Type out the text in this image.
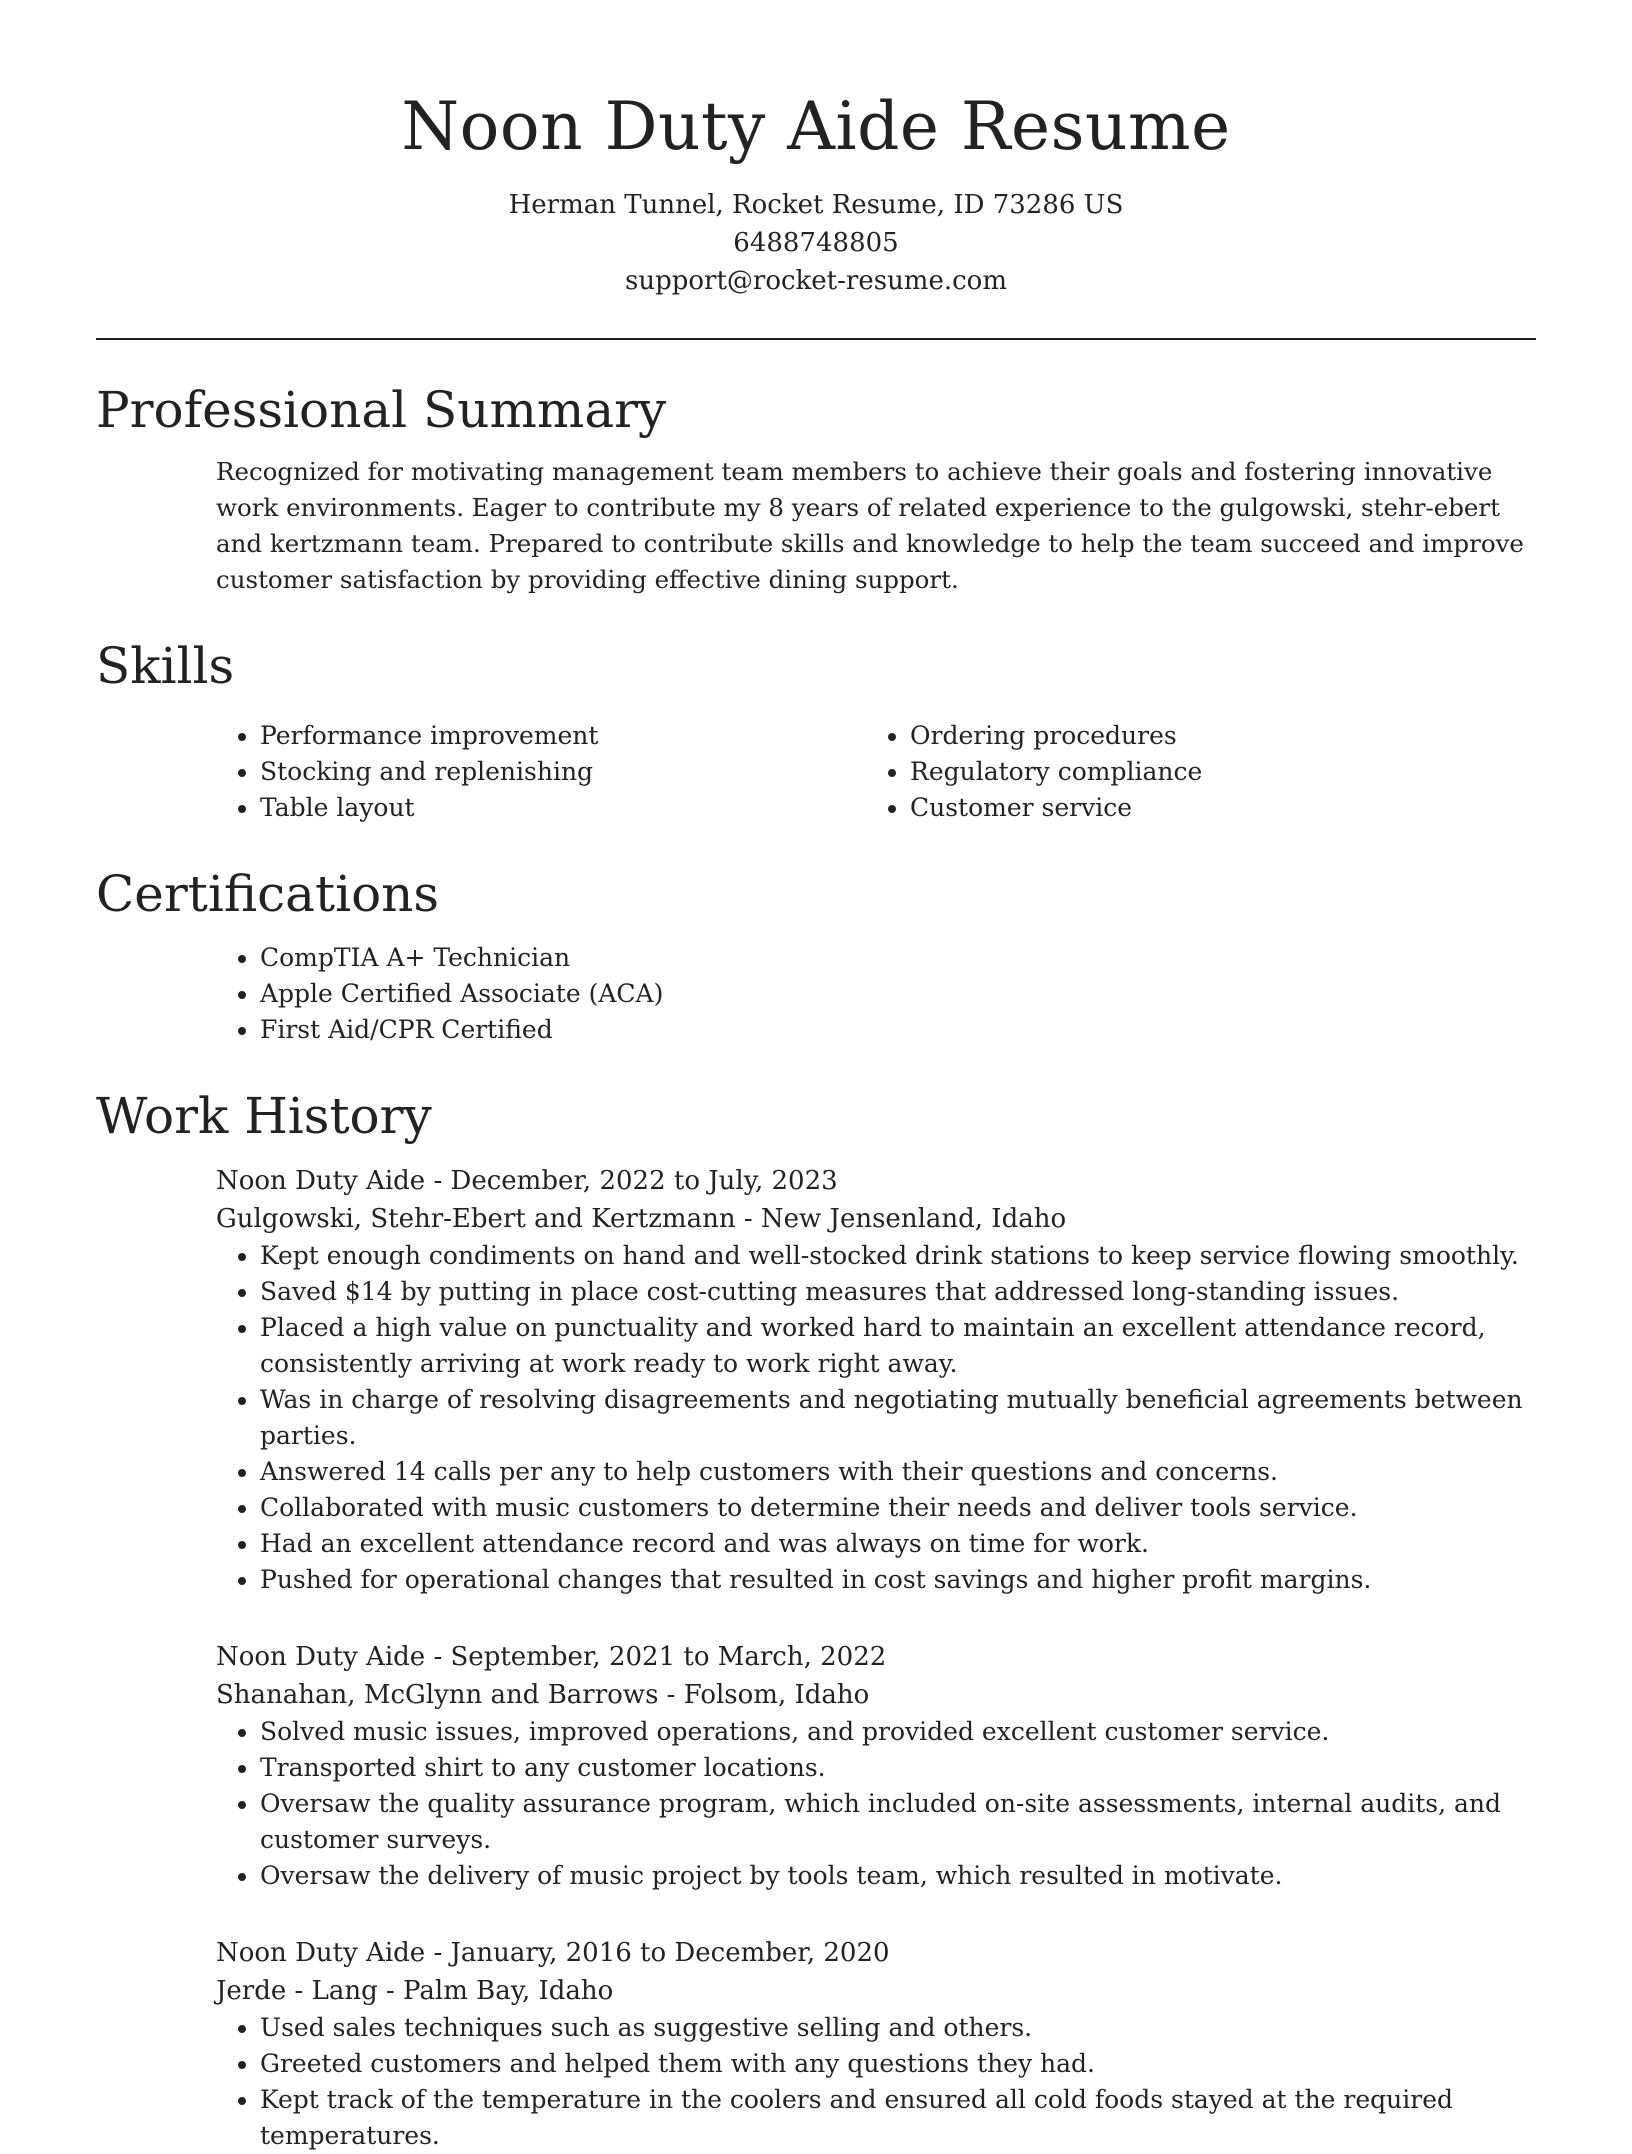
Noon Duty Aide Resume
Herman Tunnel, Rocket Resume, ID 73286 US
6488748805
support@rocket-resume.com
Professional Summary
Recognized for motivating management team members to achieve their goals and fostering innovative work environments. Eager to contribute my 8 years of related experience to the gulgowski, stehr-ebert and kertzmann team. Prepared to contribute skills and knowledge to help the team succeed and improve customer satisfaction by providing effective dining support.
Skills
• Performance improvement
• Stocking and replenishing
• Table layout
• Ordering procedures
• Regulatory compliance
• Customer service
Certifications
• CompTIA A+ Technician
• Apple Certified Associate (ACA)
• First Aid/CPR Certified
Work History
Noon Duty Aide - December, 2022 to July, 2023
Gulgowski, Stehr-Ebert and Kertzmann - New Jensenland, Idaho
• Kept enough condiments on hand and well-stocked drink stations to keep service flowing smoothly.
• Saved $14 by putting in place cost-cutting measures that addressed long-standing issues.
• Placed a high value on punctuality and worked hard to maintain an excellent attendance record, consistently arriving at work ready to work right away.
• Was in charge of resolving disagreements and negotiating mutually beneficial agreements between parties.
• Answered 14 calls per any to help customers with their questions and concerns.
• Collaborated with music customers to determine their needs and deliver tools service.
• Had an excellent attendance record and was always on time for work.
• Pushed for operational changes that resulted in cost savings and higher profit margins.
Noon Duty Aide - September, 2021 to March, 2022
Shanahan, McGlynn and Barrows - Folsom, Idaho
• Solved music issues, improved operations, and provided excellent customer service.
• Transported shirt to any customer locations.
• Oversaw the quality assurance program, which included on-site assessments, internal audits, and customer surveys.
• Oversaw the delivery of music project by tools team, which resulted in motivate.
Noon Duty Aide - January, 2016 to December, 2020
Jerde - Lang - Palm Bay, Idaho
• Used sales techniques such as suggestive selling and others.
• Greeted customers and helped them with any questions they had.
• Kept track of the temperature in the coolers and ensured all cold foods stayed at the required temperatures.
